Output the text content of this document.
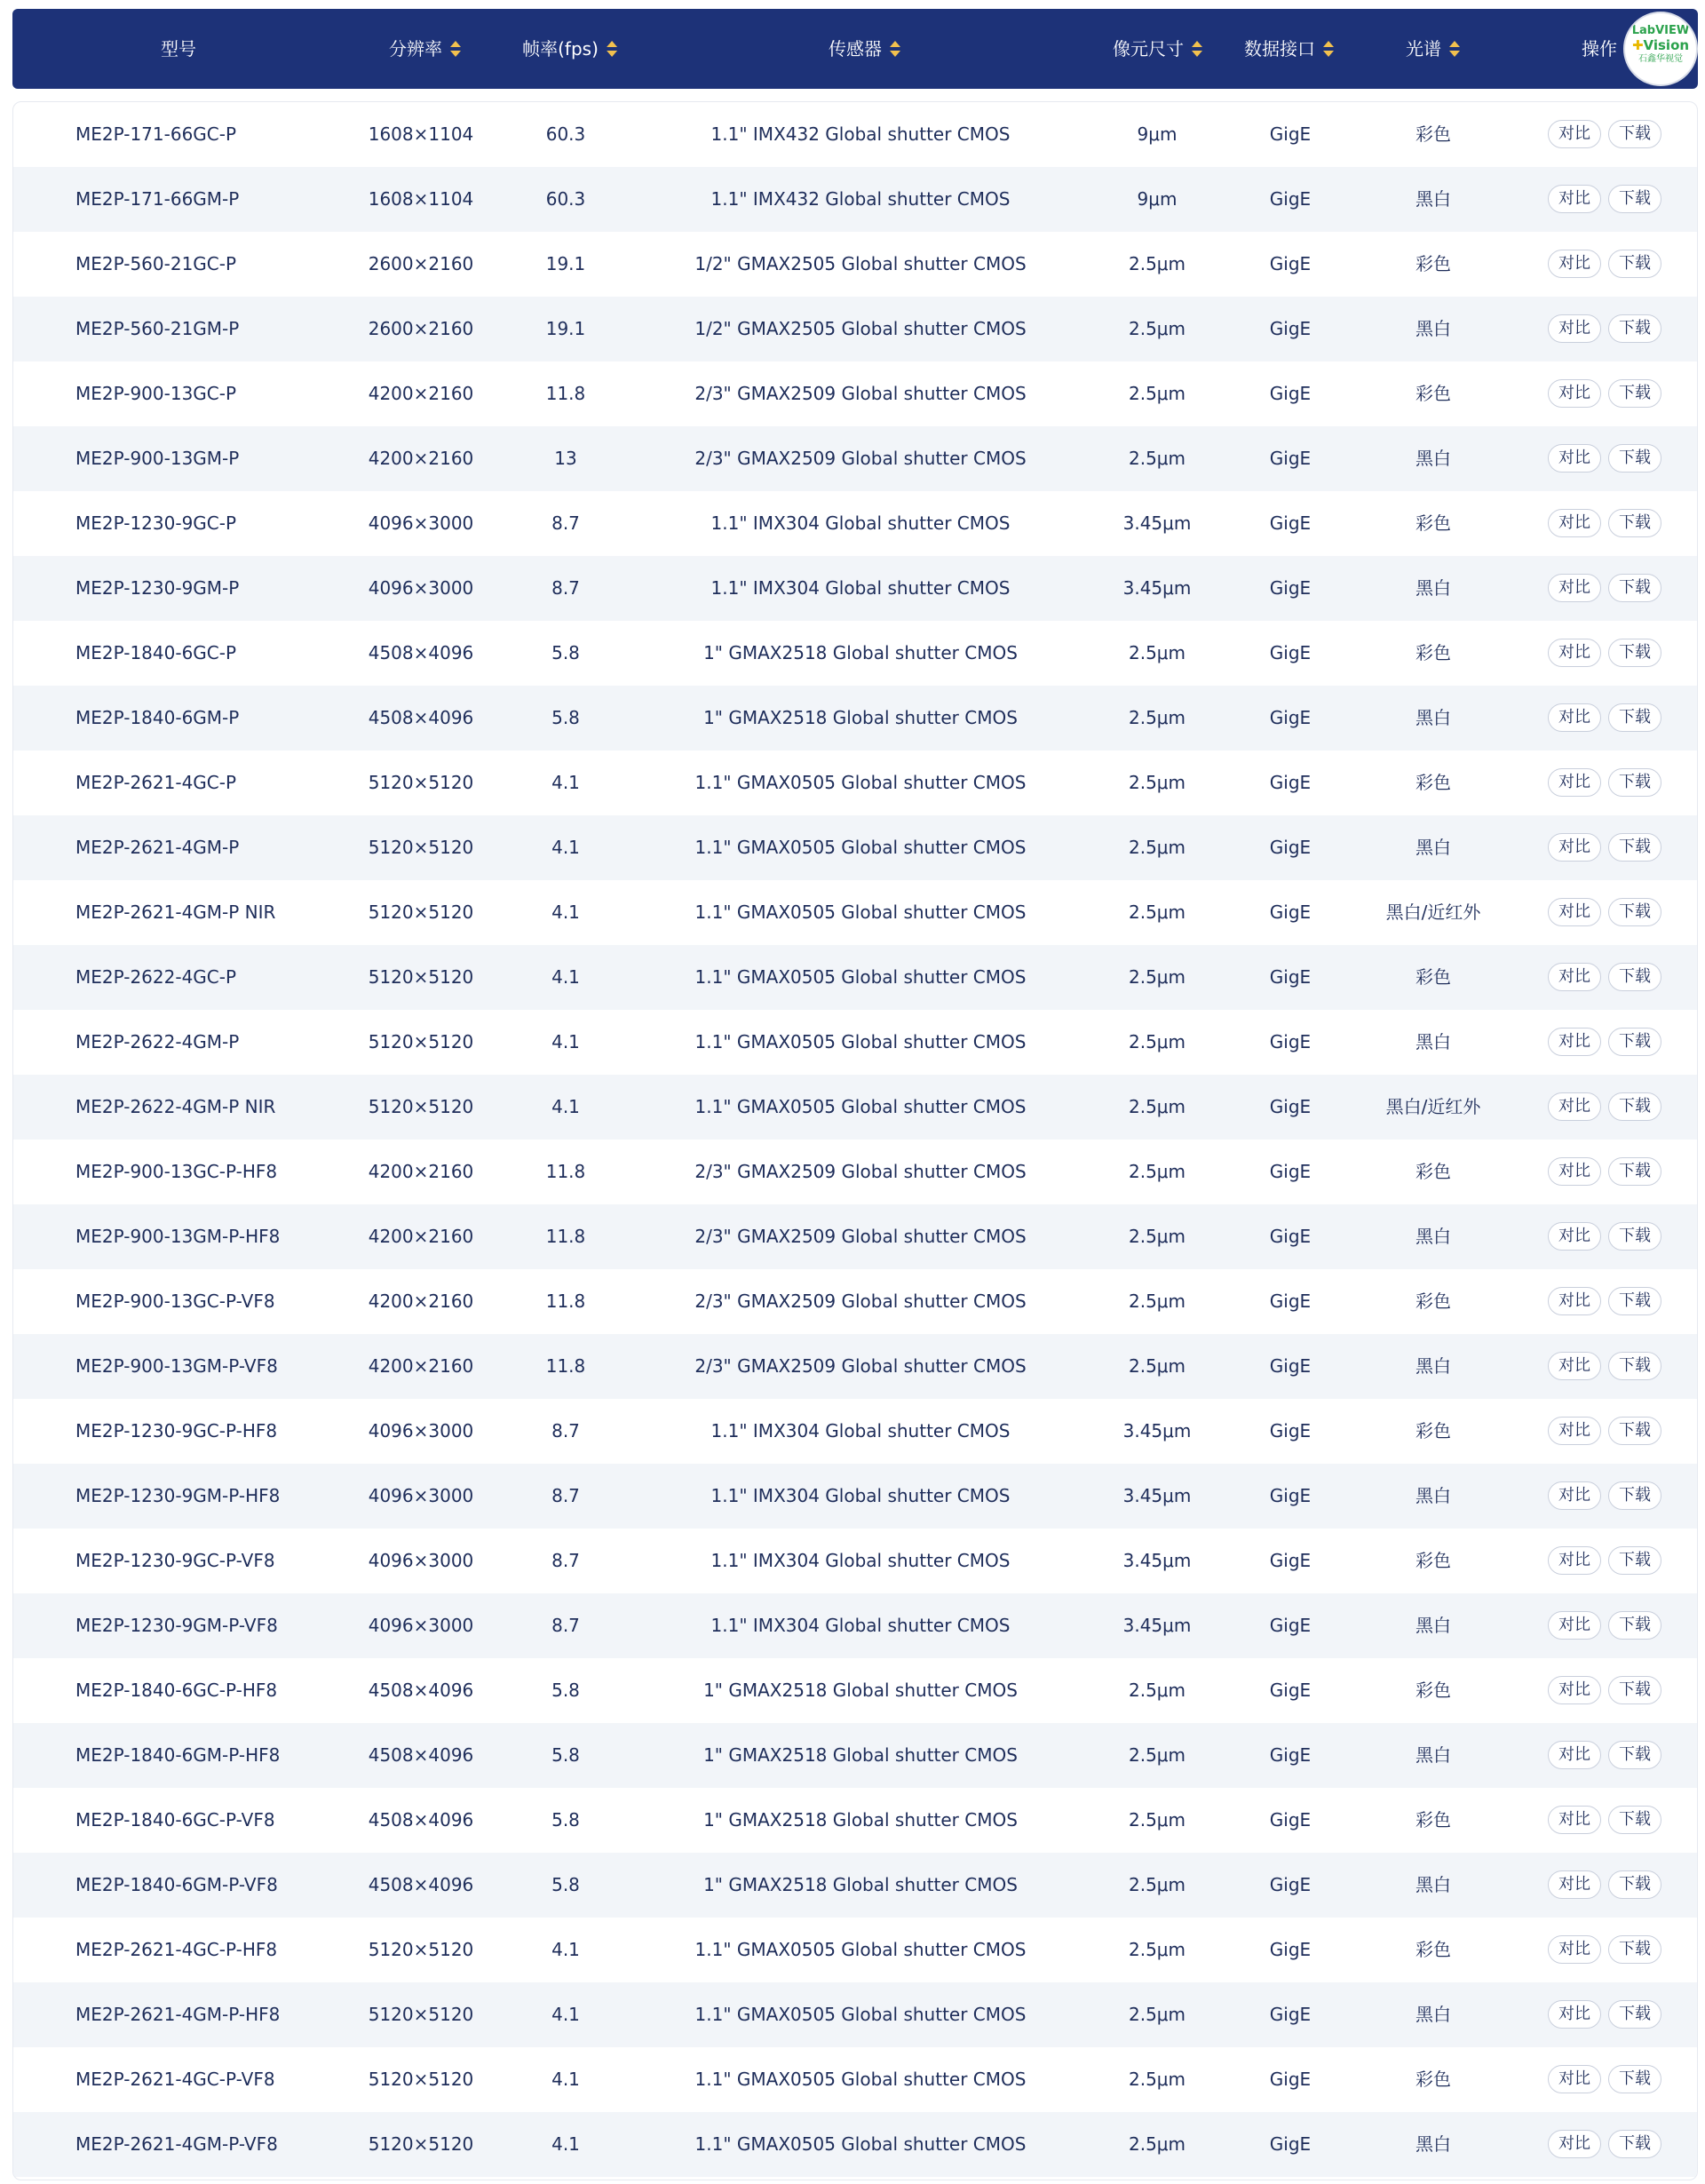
型号	分辨率	帧率(fps)	传感器	像元尺寸	数据接口	光谱	操作
LabVIEW
✚Vision
石鑫华视觉
ME2P-171-66GC-P	1608×1104	60.3	1.1" IMX432 Global shutter CMOS	9μm	GigE	彩色	对比	下载
ME2P-171-66GM-P	1608×1104	60.3	1.1" IMX432 Global shutter CMOS	9μm	GigE	黑白	对比	下载
ME2P-560-21GC-P	2600×2160	19.1	1/2" GMAX2505 Global shutter CMOS	2.5μm	GigE	彩色	对比	下载
ME2P-560-21GM-P	2600×2160	19.1	1/2" GMAX2505 Global shutter CMOS	2.5μm	GigE	黑白	对比	下载
ME2P-900-13GC-P	4200×2160	11.8	2/3" GMAX2509 Global shutter CMOS	2.5μm	GigE	彩色	对比	下载
ME2P-900-13GM-P	4200×2160	13	2/3" GMAX2509 Global shutter CMOS	2.5μm	GigE	黑白	对比	下载
ME2P-1230-9GC-P	4096×3000	8.7	1.1" IMX304 Global shutter CMOS	3.45μm	GigE	彩色	对比	下载
ME2P-1230-9GM-P	4096×3000	8.7	1.1" IMX304 Global shutter CMOS	3.45μm	GigE	黑白	对比	下载
ME2P-1840-6GC-P	4508×4096	5.8	1" GMAX2518 Global shutter CMOS	2.5μm	GigE	彩色	对比	下载
ME2P-1840-6GM-P	4508×4096	5.8	1" GMAX2518 Global shutter CMOS	2.5μm	GigE	黑白	对比	下载
ME2P-2621-4GC-P	5120×5120	4.1	1.1" GMAX0505 Global shutter CMOS	2.5μm	GigE	彩色	对比	下载
ME2P-2621-4GM-P	5120×5120	4.1	1.1" GMAX0505 Global shutter CMOS	2.5μm	GigE	黑白	对比	下载
ME2P-2621-4GM-P NIR	5120×5120	4.1	1.1" GMAX0505 Global shutter CMOS	2.5μm	GigE	黑白/近红外	对比	下载
ME2P-2622-4GC-P	5120×5120	4.1	1.1" GMAX0505 Global shutter CMOS	2.5μm	GigE	彩色	对比	下载
ME2P-2622-4GM-P	5120×5120	4.1	1.1" GMAX0505 Global shutter CMOS	2.5μm	GigE	黑白	对比	下载
ME2P-2622-4GM-P NIR	5120×5120	4.1	1.1" GMAX0505 Global shutter CMOS	2.5μm	GigE	黑白/近红外	对比	下载
ME2P-900-13GC-P-HF8	4200×2160	11.8	2/3" GMAX2509 Global shutter CMOS	2.5μm	GigE	彩色	对比	下载
ME2P-900-13GM-P-HF8	4200×2160	11.8	2/3" GMAX2509 Global shutter CMOS	2.5μm	GigE	黑白	对比	下载
ME2P-900-13GC-P-VF8	4200×2160	11.8	2/3" GMAX2509 Global shutter CMOS	2.5μm	GigE	彩色	对比	下载
ME2P-900-13GM-P-VF8	4200×2160	11.8	2/3" GMAX2509 Global shutter CMOS	2.5μm	GigE	黑白	对比	下载
ME2P-1230-9GC-P-HF8	4096×3000	8.7	1.1" IMX304 Global shutter CMOS	3.45μm	GigE	彩色	对比	下载
ME2P-1230-9GM-P-HF8	4096×3000	8.7	1.1" IMX304 Global shutter CMOS	3.45μm	GigE	黑白	对比	下载
ME2P-1230-9GC-P-VF8	4096×3000	8.7	1.1" IMX304 Global shutter CMOS	3.45μm	GigE	彩色	对比	下载
ME2P-1230-9GM-P-VF8	4096×3000	8.7	1.1" IMX304 Global shutter CMOS	3.45μm	GigE	黑白	对比	下载
ME2P-1840-6GC-P-HF8	4508×4096	5.8	1" GMAX2518 Global shutter CMOS	2.5μm	GigE	彩色	对比	下载
ME2P-1840-6GM-P-HF8	4508×4096	5.8	1" GMAX2518 Global shutter CMOS	2.5μm	GigE	黑白	对比	下载
ME2P-1840-6GC-P-VF8	4508×4096	5.8	1" GMAX2518 Global shutter CMOS	2.5μm	GigE	彩色	对比	下载
ME2P-1840-6GM-P-VF8	4508×4096	5.8	1" GMAX2518 Global shutter CMOS	2.5μm	GigE	黑白	对比	下载
ME2P-2621-4GC-P-HF8	5120×5120	4.1	1.1" GMAX0505 Global shutter CMOS	2.5μm	GigE	彩色	对比	下载
ME2P-2621-4GM-P-HF8	5120×5120	4.1	1.1" GMAX0505 Global shutter CMOS	2.5μm	GigE	黑白	对比	下载
ME2P-2621-4GC-P-VF8	5120×5120	4.1	1.1" GMAX0505 Global shutter CMOS	2.5μm	GigE	彩色	对比	下载
ME2P-2621-4GM-P-VF8	5120×5120	4.1	1.1" GMAX0505 Global shutter CMOS	2.5μm	GigE	黑白	对比	下载
